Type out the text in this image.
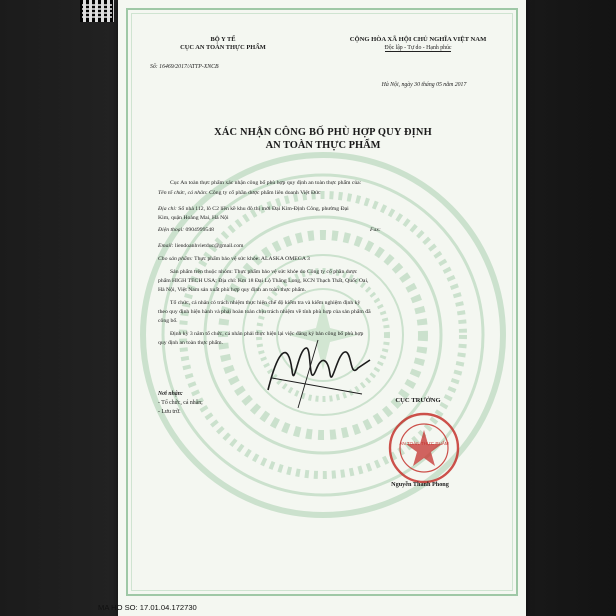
BỘ Y TẾ
CỤC AN TOÀN THỰC PHẨM
Số: 16469/2017/ATTP-XNCB
CỘNG HÒA XÃ HỘI CHỦ NGHĨA VIỆT NAM
Độc lập - Tự do - Hạnh phúc
Hà Nội, ngày 30 tháng 05 năm 2017
XÁC NHẬN CÔNG BỐ PHÙ HỢP QUY ĐỊNH
AN TOÀN THỰC PHẨM
Cục An toàn thực phẩm xác nhận công bố phù hợp quy định an toàn thực phẩm của:
Tên tổ chức, cá nhân: Công ty cổ phần dược phẩm liên doanh Việt Đức
Địa chỉ: Số nhà 112, lô C2 liền kề khu đô thị mới Đại Kim-Định Công, phường Đại
Kim, quận Hoàng Mai, Hà Nội
Điện thoại: 0904999548	Fax:
Email: liendoanhvietduc@gmail.com
Cho sản phẩm: Thực phẩm bảo vệ sức khỏe: ALASKA OMEGA 3
Sản phẩm trên thuộc nhóm: Thực phẩm bảo vệ sức khỏe do Công ty cổ phần dược
phẩm HIGH TECH USA; Địa chỉ: Km 18 Đại Lộ Thăng Long, KCN Thạch Thất, Quốc Oai,
Hà Nội, Việt Nam sản xuất phù hợp quy định an toàn thực phẩm.
Tổ chức, cá nhân có trách nhiệm thực hiện chế độ kiểm tra và kiểm nghiệm định kỳ
theo quy định hiện hành và phải hoàn toàn chịu trách nhiệm về tính phù hợp của sản phẩm đã
công bố.
Định kỳ 3 năm tổ chức, cá nhân phải thực hiện lại việc đăng ký bản công bố phù hợp
quy định an toàn thực phẩm.
Nơi nhận:
- Tổ chức, cá nhân;
- Lưu trữ.
CỤC TRƯỞNG
AN TOÀN THỰC PHẨM
Nguyễn Thanh Phong
MA HO SO: 17.01.04.172730
